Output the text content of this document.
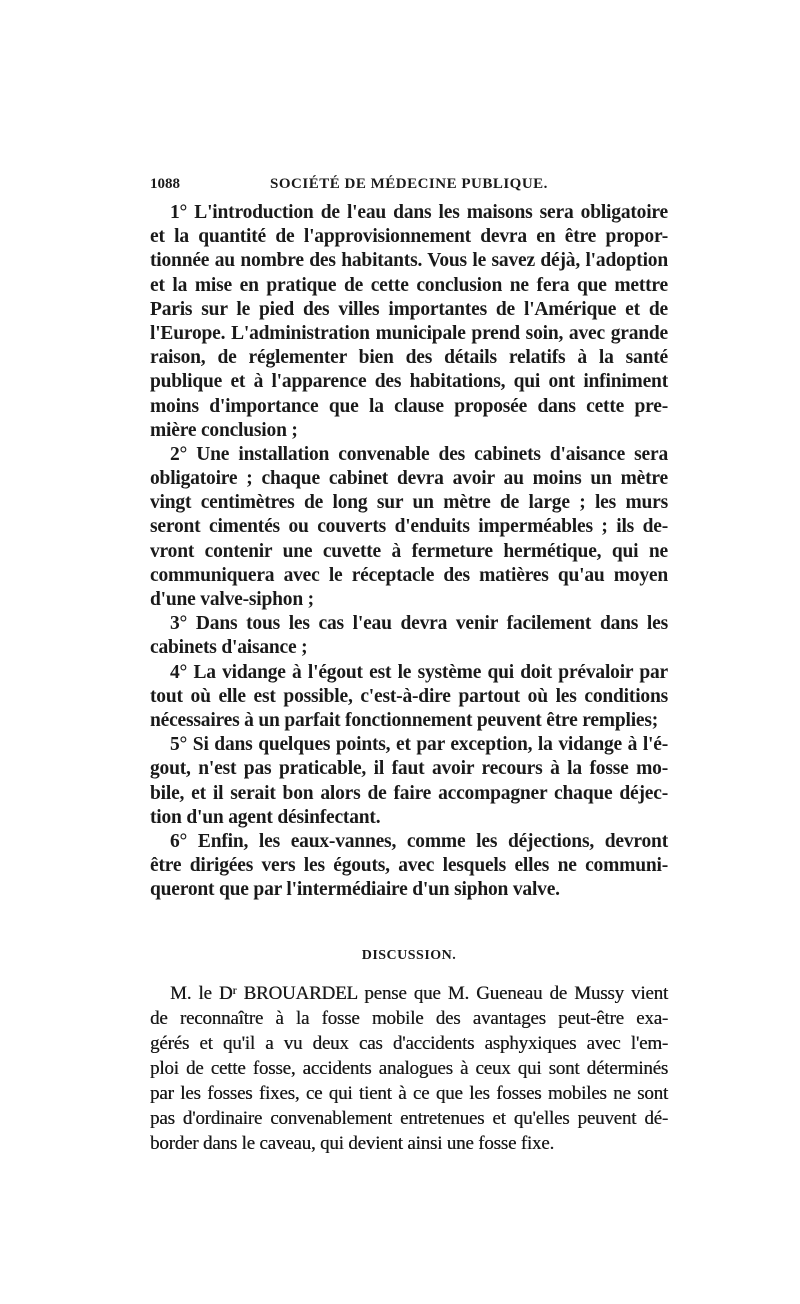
1088	SOCIÉTÉ DE MÉDECINE PUBLIQUE.
1° L'introduction de l'eau dans les maisons sera obligatoire
et la quantité de l'approvisionnement devra en être propor-
tionnée au nombre des habitants. Vous le savez déjà, l'adoption
et la mise en pratique de cette conclusion ne fera que mettre
Paris sur le pied des villes importantes de l'Amérique et de
l'Europe. L'administration municipale prend soin, avec grande
raison, de réglementer bien des détails relatifs à la santé
publique et à l'apparence des habitations, qui ont infiniment
moins d'importance que la clause proposée dans cette pre-
mière conclusion ;
2° Une installation convenable des cabinets d'aisance sera
obligatoire ; chaque cabinet devra avoir au moins un mètre
vingt centimètres de long sur un mètre de large ; les murs
seront cimentés ou couverts d'enduits imperméables ; ils de-
vront contenir une cuvette à fermeture hermétique, qui ne
communiquera avec le réceptacle des matières qu'au moyen
d'une valve-siphon ;
3° Dans tous les cas l'eau devra venir facilement dans les
cabinets d'aisance ;
4° La vidange à l'égout est le système qui doit prévaloir par
tout où elle est possible, c'est-à-dire partout où les conditions
nécessaires à un parfait fonctionnement peuvent être remplies;
5° Si dans quelques points, et par exception, la vidange à l'é-
gout, n'est pas praticable, il faut avoir recours à la fosse mo-
bile, et il serait bon alors de faire accompagner chaque déjec-
tion d'un agent désinfectant.
6° Enfin, les eaux-vannes, comme les déjections, devront
être dirigées vers les égouts, avec lesquels elles ne communi-
queront que par l'intermédiaire d'un siphon valve.
DISCUSSION.
M. le Dʳ BROUARDEL pense que M. Gueneau de Mussy vient
de reconnaître à la fosse mobile des avantages peut-être exa-
gérés et qu'il a vu deux cas d'accidents asphyxiques avec l'em-
ploi de cette fosse, accidents analogues à ceux qui sont déterminés
par les fosses fixes, ce qui tient à ce que les fosses mobiles ne sont
pas d'ordinaire convenablement entretenues et qu'elles peuvent dé-
border dans le caveau, qui devient ainsi une fosse fixe.
